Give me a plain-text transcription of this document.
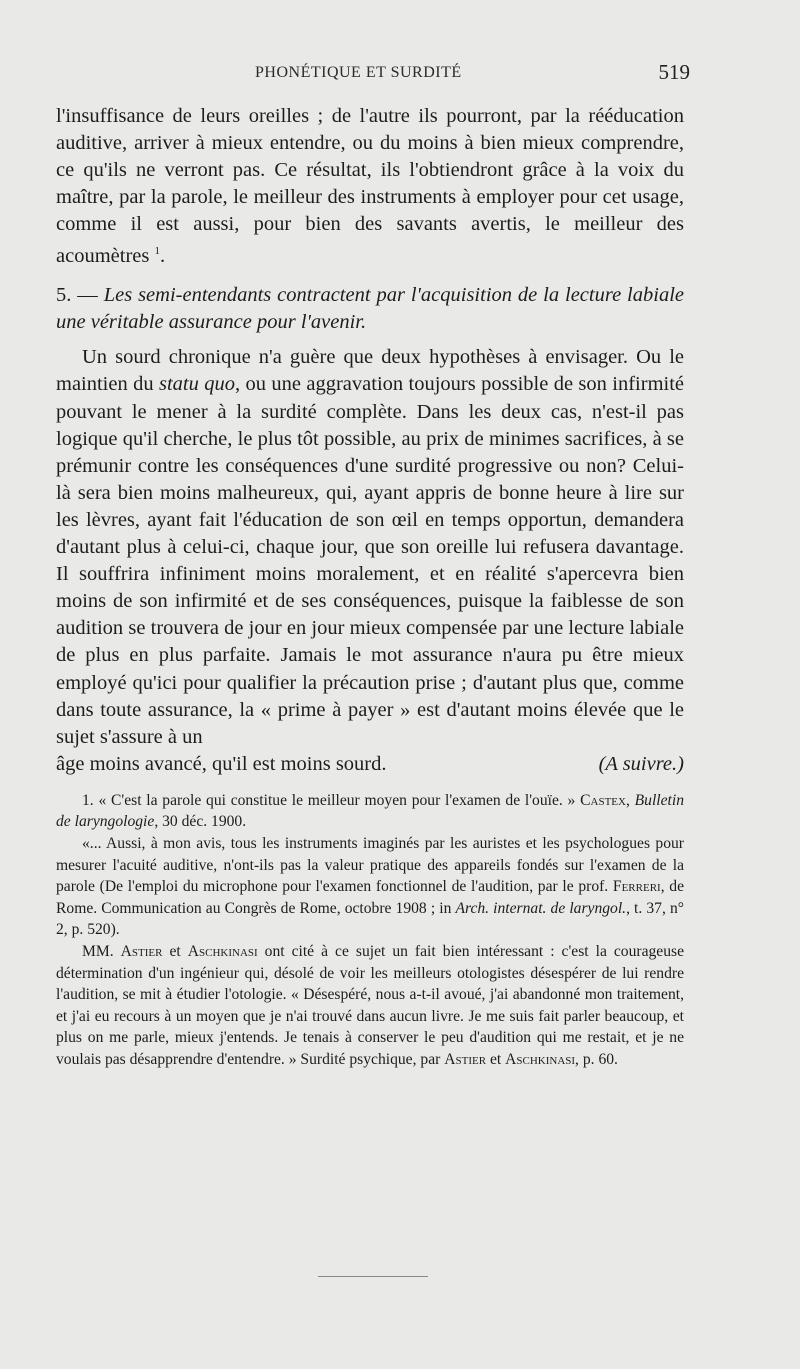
PHONÉTIQUE ET SURDITÉ	519

l'insuffisance de leurs oreilles ; de l'autre ils pourront, par la rééducation auditive, arriver à mieux entendre, ou du moins à bien mieux comprendre, ce qu'ils ne verront pas. Ce résultat, ils l'obtiendront grâce à la voix du maître, par la parole, le meilleur des instruments à employer pour cet usage, comme il est aussi, pour bien des savants avertis, le meilleur des acoumètres $^1$.

5. — Les semi-entendants contractent par l'acquisition de la lecture labiale une véritable assurance pour l'avenir.

Un sourd chronique n'a guère que deux hypothèses à envisager. Ou le maintien du statu quo, ou une aggravation toujours possible de son infirmité pouvant le mener à la surdité complète. Dans les deux cas, n'est-il pas logique qu'il cherche, le plus tôt possible, au prix de minimes sacrifices, à se prémunir contre les conséquences d'une surdité progressive ou non? Celui-là sera bien moins malheureux, qui, ayant appris de bonne heure à lire sur les lèvres, ayant fait l'éducation de son œil en temps opportun, demandera d'autant plus à celui-ci, chaque jour, que son oreille lui refusera davantage. Il souffrira infiniment moins moralement, et en réalité s'apercevra bien moins de son infirmité et de ses conséquences, puisque la faiblesse de son audition se trouvera de jour en jour mieux compensée par une lecture labiale de plus en plus parfaite. Jamais le mot assurance n'aura pu être mieux employé qu'ici pour qualifier la précaution prise ; d'autant plus que, comme dans toute assurance, la « prime à payer » est d'autant moins élevée que le sujet s'assure à un

âge moins avancé, qu'il est moins sourd.	(A suivre.)

1. « C'est la parole qui constitue le meilleur moyen pour l'examen de l'ouïe. » Castex, Bulletin de laryngologie, 30 déc. 1900.

«... Aussi, à mon avis, tous les instruments imaginés par les auristes et les psychologues pour mesurer l'acuité auditive, n'ont-ils pas la valeur pratique des appareils fondés sur l'examen de la parole (De l'emploi du microphone pour l'examen fonctionnel de l'audition, par le prof. Ferreri, de Rome. Communication au Congrès de Rome, octobre 1908 ; in Arch. internat. de laryngol., t. 37, n° 2, p. 520).

MM. Astier et Aschkinasi ont cité à ce sujet un fait bien intéressant : c'est la courageuse détermination d'un ingénieur qui, désolé de voir les meilleurs otologistes désespérer de lui rendre l'audition, se mit à étudier l'otologie. « Désespéré, nous a-t-il avoué, j'ai abandonné mon traitement, et j'ai eu recours à un moyen que je n'ai trouvé dans aucun livre. Je me suis fait parler beaucoup, et plus on me parle, mieux j'entends. Je tenais à conserver le peu d'audition qui me restait, et je ne voulais pas désapprendre d'entendre. » Surdité psychique, par Astier et Aschkinasi, p. 60.
